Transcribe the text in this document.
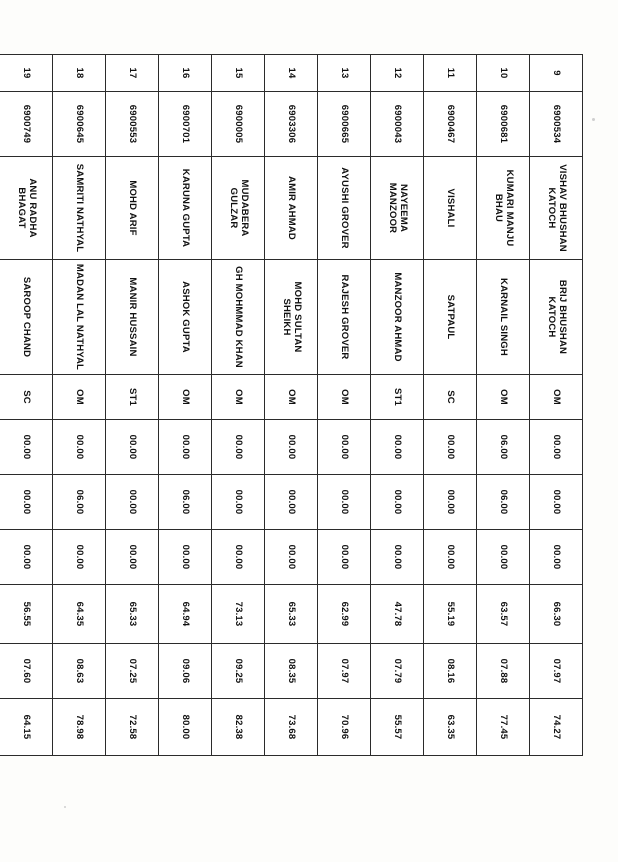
9	6900534	VISHAV BHUSHAN KATOCH	BRIJ BHUSHAN KATOCH	OM	00.00	00.00	00.00	66.30	07.97	74.27
10	6900681	KUMARI MANJU BHAU	KARNAIL SINGH	OM	06.00	06.00	00.00	63.57	07.88	77.45
11	6900467	VISHALI	SATPAUL	SC	00.00	00.00	00.00	55.19	08.16	63.35
12	6900043	NAYEEMA MANZOOR	MANZOOR AHMAD	ST1	00.00	00.00	00.00	47.78	07.79	55.57
13	6900665	AYUSHI GROVER	RAJESH GROVER	OM	00.00	00.00	00.00	62.99	07.97	70.96
14	6903306	AMIR AHMAD	MOHD SULTAN SHEIKH	OM	00.00	00.00	00.00	65.33	08.35	73.68
15	6900005	MUDABERA GULZAR	GH MOHMMAD KHAN	OM	00.00	00.00	00.00	73.13	09.25	82.38
16	6900701	KARUNA GUPTA	ASHOK GUPTA	OM	00.00	06.00	00.00	64.94	09.06	80.00
17	6900553	MOHD ARIF	MANIR HUSSAIN	ST1	00.00	00.00	00.00	65.33	07.25	72.58
18	6900645	SAMRITI NATHYAL	MADAN LAL NATHYAL	OM	00.00	06.00	00.00	64.35	08.63	78.98
19	6900749	ANU RADHA BHAGAT	SAROOP CHAND	SC	00.00	00.00	00.00	56.55	07.60	64.15
